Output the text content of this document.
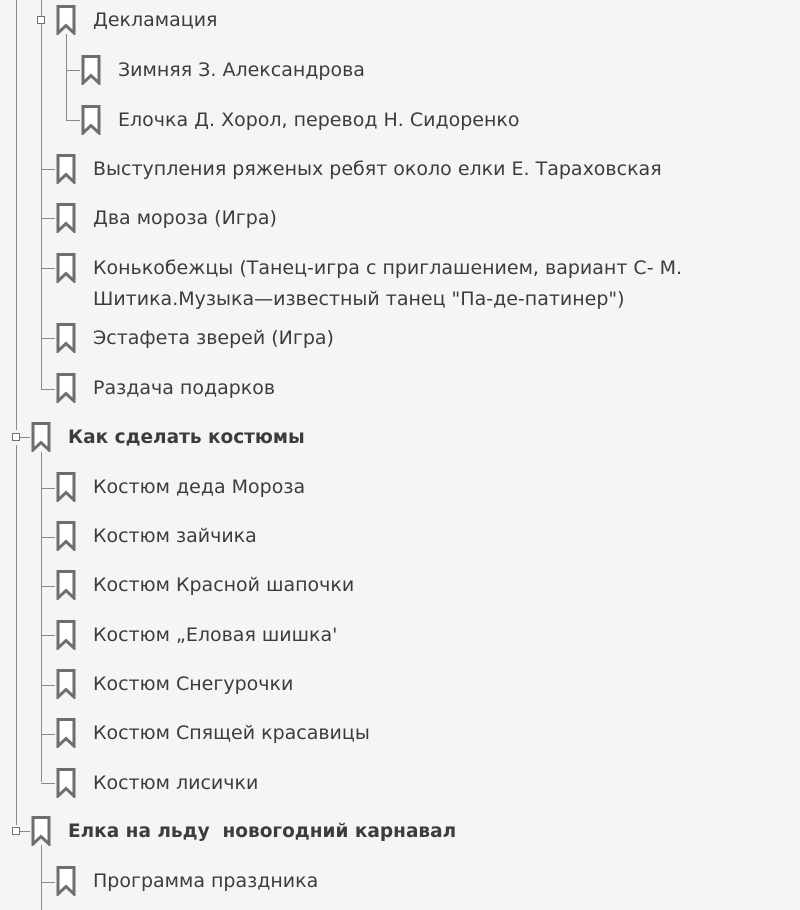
Декламация
Зимняя З. Александрова
Елочка Д. Хорол, перевод Н. Сидоренко
Выступления ряженых ребят около елки Е. Тараховская
Два мороза (Игра)
Конькобежцы (Танец-игра с приглашением, вариант С- М.
Шитика.Музыка—известный танец "Па-де-патинер")
Эстафета зверей (Игра)
Раздача подарков
Как сделать костюмы
Костюм деда Мороза
Костюм зайчика
Костюм Красной шапочки
Костюм „Еловая шишка'
Костюм Снегурочки
Костюм Спящей красавицы
Костюм лисички
Елка на льду  новогодний карнавал
Программа праздника
